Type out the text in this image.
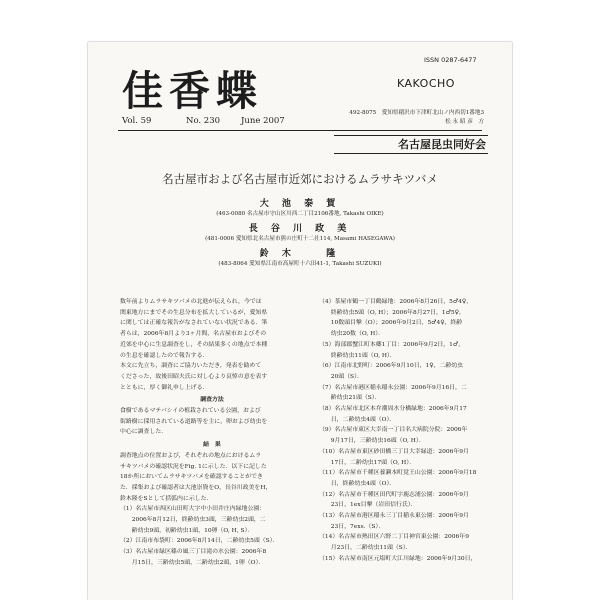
ISSN 0287-6477
佳香蝶	KAKOCHO
Vol. 59	No. 230 June 2007
492-8075　愛知県稲沢市下津町北山ノ内西切1番地3
松 永 昭 彦　方
名古屋昆虫同好会
名古屋市および名古屋市近郊におけるムラサキツバメ
大 池 泰 賀
(463-0080 名古屋市守山区川西二丁目2106番地, Takashi OIKE)
長 谷 川 政 美
(481-0006 愛知県北名古屋市熊の庄町十二社114, Masami HASEGAWA)
鈴 木 　 隆
(483-8064 愛知県江南市高屋町十六田41-1, Takashi SUZUKI)
数年前よりムラサキツバメの北進が伝えられ，今では
関東地方にまでその生息分布を拡大しているが，愛知県
に関しては正確な報告がなされていない状況である．筆
者らは，2006年8月より3ヶ月間，名古屋市およびその
近郊を中心に生息調査をし，その結果多くの地点で本種
の生息を確認したので報告する．
本文に先立ち，調査にご協力いただき，発表を勧めて
くださった，故後田昭夫氏に対し心より哀悼の意を表す
とともに，厚く御礼申し上げる．
調査方法
食樹であるマテバシイの植栽されている公園，および
街路樹に採用されている道路等を主に，卵および幼虫を
中心に調査した．
結　果
調査地点の位置および，それぞれの地点におけるムラ
サキツバメの確認状況をFig. 1に示した．以下に記した
18か所においてムラサキツバメを確認することができ
た．採集および確認者は大池崇資をO，長谷川政美をH，
鈴木隆をSとして括弧内に示した．
（1）名古屋市西区山田町大字中小田井庄内緑地公園：
　　2006年8月12日，終齢幼虫3頭，三齢幼虫2頭，二
　　齢幼虫9頭，初齢幼虫1頭，10卵（O, H, S）．
（2）江南市布袋町：2006年8月14日，二齢幼虫5頭（S）．
（3）名古屋市緑区篠の風三丁目滝の水公園：2006年8
　　月15日，三齢幼虫5頭，二齢幼虫2頭，1卵（O）．
（4）茶屋市鶴一丁目鶴緑地：2006年8月26日，5♂4♀，
　　終齢幼虫5頭（O, H）；2006年8月27日，1♂5♀，
　　10数頭目撃（O）；2006年9月2日，5♂4♀，終齢
　　幼虫20数（O, H）．
（5）海部郡蟹江町本郷1丁目：2006年9月2日，1♂，
　　終齢幼虫11頭（O, H）．
（6）江南市北野町：2006年9月10日，1♀，二齢幼虫
　　20頭（S）．
（7）名古屋市港区稲永稲永公園：2006年9月16日，二
　　齢幼虫21頭（S）．
（8）名古屋市北区本弁潮周水分橋緑地：2006年9月17
　　日，二齢幼虫4頭（O）．
（9）名古屋市東区大幸南一丁目名大病院分院：2006年
　　9月17日，三齢幼虫16頭（O, H）．
（10）名古屋市東区砂田橋三丁目大幸緑道：2006年9月
　　17日，二齢幼虫17頭（O, H）．
（11）名古屋市千種区養瀬本町覚王山公園：2006年9月18
　　日，終齢幼虫4頭（O）．
（12）名古屋市千種区田代町字鹿志浦公園：2006年9月
　　23日，1ex目撃（岩田信行氏）．
（13）名古屋市港区稲永三丁目稲永東公園：2006年9月
　　23日，7exs.（S）．
（14）名古屋市熱田区六野二丁目神宮東公園：2006年9
　　月23日，二齢幼虫11頭（S）．
（15）名古屋市南区元塩町大江川緑地：2006年9月30日，
